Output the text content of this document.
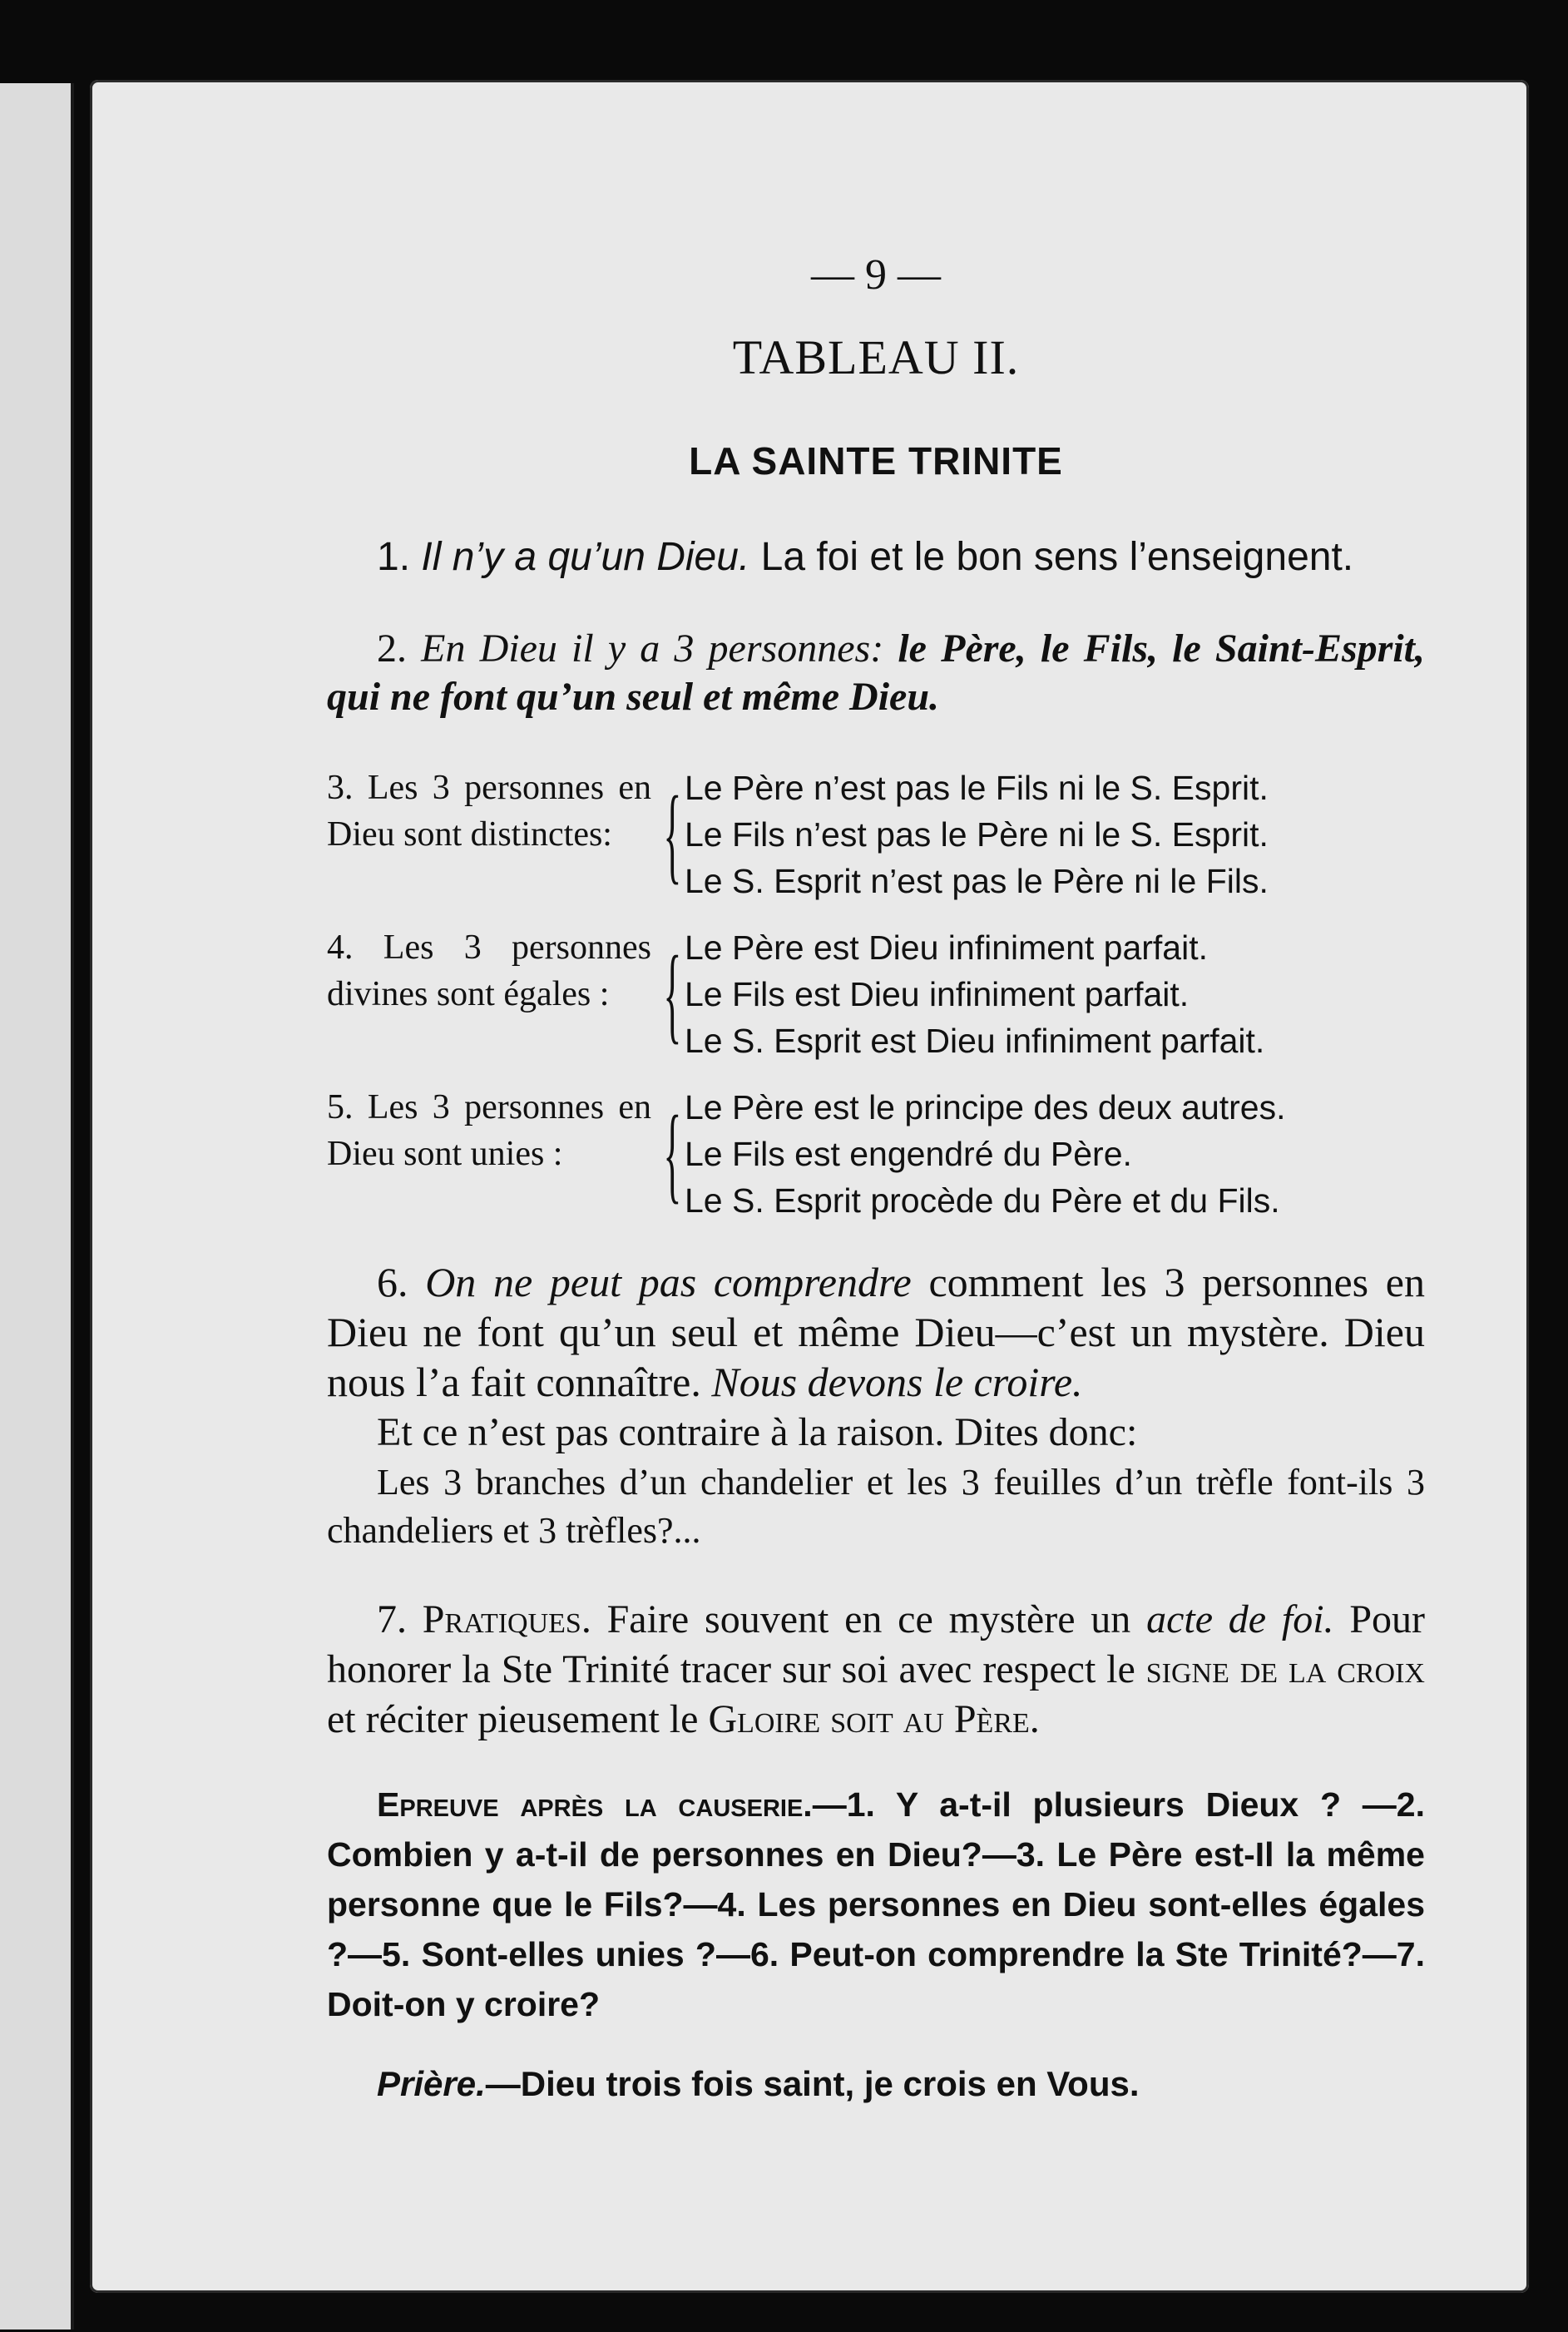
— 9 —
TABLEAU II.
LA SAINTE TRINITE

1. Il n’y a qu’un Dieu. La foi et le bon sens l’enseignent.

2. En Dieu il y a 3 personnes: le Père, le Fils, le Saint-Esprit, qui ne font qu’un seul et même Dieu.

3. Les 3 personnes en Dieu sont distinctes: { Le Père n’est pas le Fils ni le S. Esprit.
Le Fils n’est pas le Père ni le S. Esprit.
Le S. Esprit n’est pas le Père ni le Fils.
4. Les 3 personnes divines sont égales : { Le Père est Dieu infiniment parfait.
Le Fils est Dieu infiniment parfait.
Le S. Esprit est Dieu infiniment parfait.
5. Les 3 personnes en Dieu sont unies : { Le Père est le principe des deux autres.
Le Fils est engendré du Père.
Le S. Esprit procède du Père et du Fils.

6. On ne peut pas comprendre comment les 3 personnes en Dieu ne font qu’un seul et même Dieu—c’est un mystère. Dieu nous l’a fait connaître. Nous devons le croire.

Et ce n’est pas contraire à la raison. Dites donc:

Les 3 branches d’un chandelier et les 3 feuilles d’un trèfle font-ils 3 chandeliers et 3 trèfles?...

7. Pratiques. Faire souvent en ce mystère un acte de foi. Pour honorer la Ste Trinité tracer sur soi avec respect le signe de la croix et réciter pieusement le Gloire soit au Père.

Epreuve après la causerie.—1. Y a-t-il plusieurs Dieux ? —2. Combien y a-t-il de personnes en Dieu?—3. Le Père est-Il la même personne que le Fils?—4. Les personnes en Dieu sont-elles égales ?—5. Sont-elles unies ?—6. Peut-on comprendre la Ste Trinité?—7. Doit-on y croire?

Prière.—Dieu trois fois saint, je crois en Vous.
